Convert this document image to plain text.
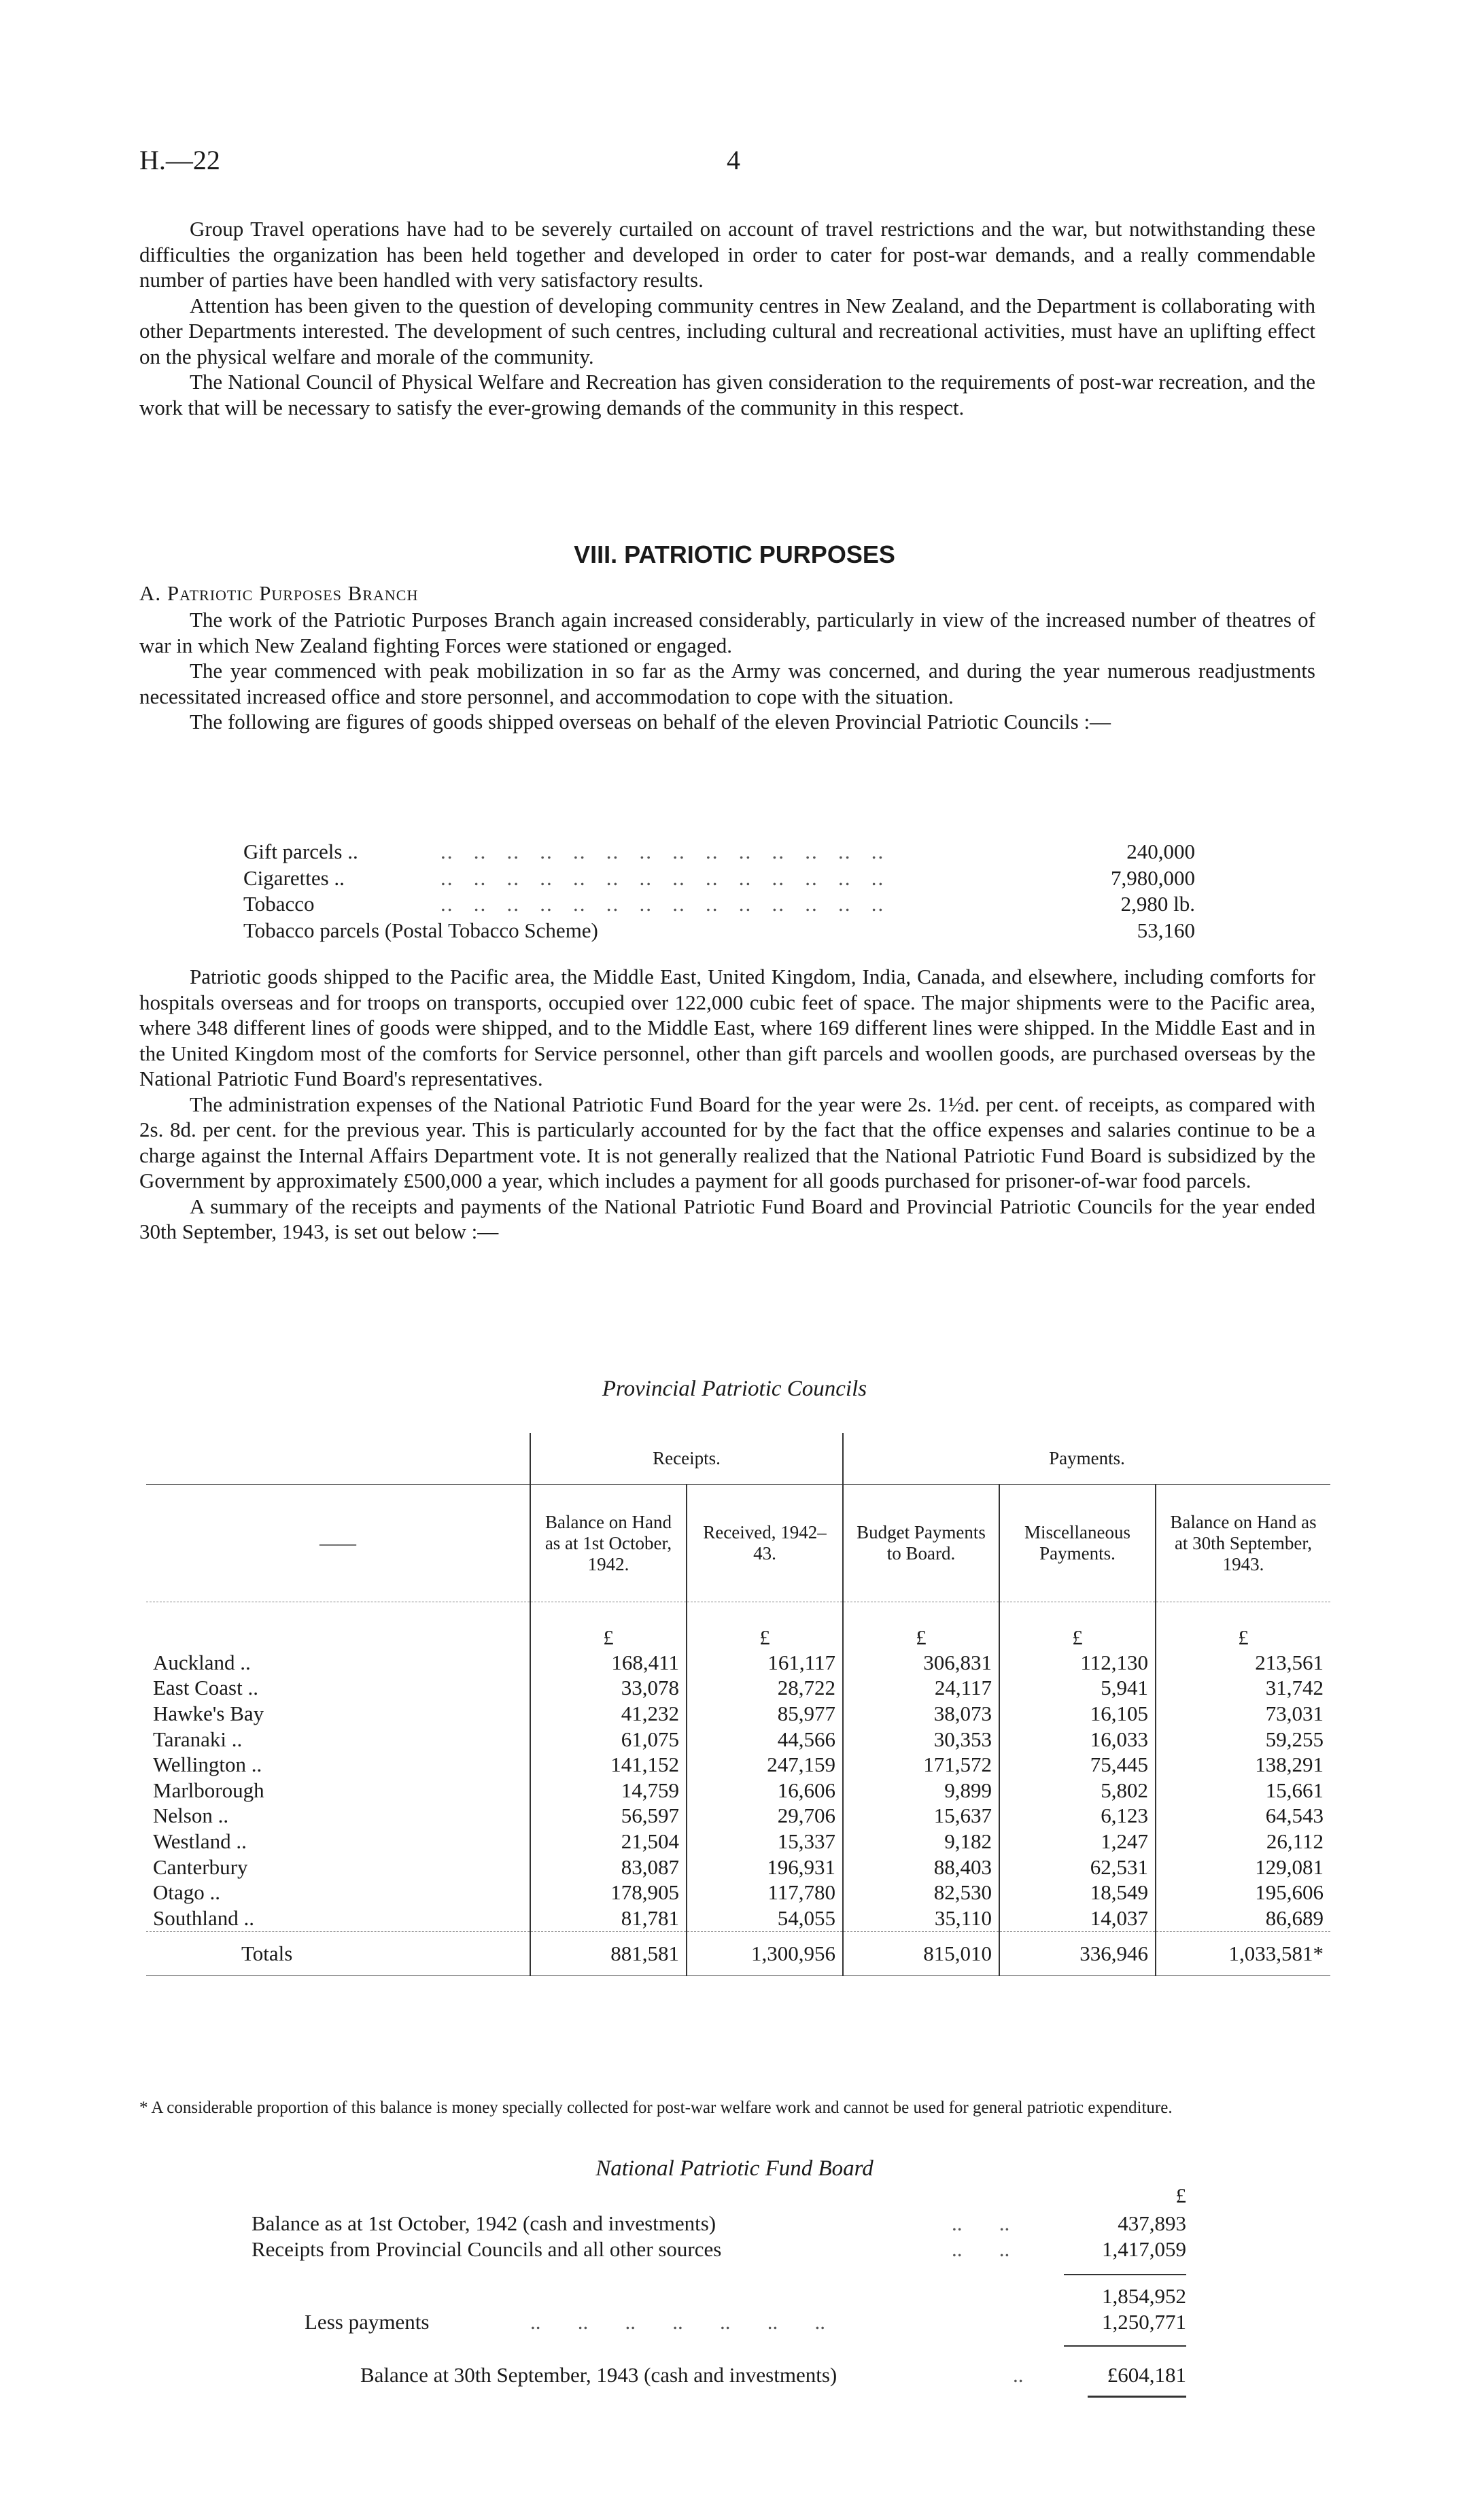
H.—22	4

Group Travel operations have had to be severely curtailed on account of travel restrictions and the war, but notwithstanding these difficulties the organization has been held together and developed in order to cater for post-war demands, and a really commendable number of parties have been handled with very satisfactory results.

Attention has been given to the question of developing community centres in New Zealand, and the Department is collaborating with other Departments interested. The development of such centres, including cultural and recreational activities, must have an uplifting effect on the physical welfare and morale of the community.

The National Council of Physical Welfare and Recreation has given consideration to the requirements of post-war recreation, and the work that will be necessary to satisfy the ever-growing demands of the community in this respect.

VIII. PATRIOTIC PURPOSES
A. Patriotic Purposes Branch

The work of the Patriotic Purposes Branch again increased considerably, particularly in view of the increased number of theatres of war in which New Zealand fighting Forces were stationed or engaged.

The year commenced with peak mobilization in so far as the Army was concerned, and during the year numerous readjustments necessitated increased office and store personnel, and accommodation to cope with the situation.

The following are figures of goods shipped overseas on behalf of the eleven Provincial Patriotic Councils :—

Gift parcels ..	..   ..   ..   ..   ..   ..   ..   ..   ..   ..   ..   ..   ..   ..	240,000
Cigarettes ..	..   ..   ..   ..   ..   ..   ..   ..   ..   ..   ..   ..   ..   ..	7,980,000
Tobacco	..   ..   ..   ..   ..   ..   ..   ..   ..   ..   ..   ..   ..   ..	2,980 lb.
Tobacco parcels (Postal Tobacco Scheme)	53,160

Patriotic goods shipped to the Pacific area, the Middle East, United Kingdom, India, Canada, and elsewhere, including comforts for hospitals overseas and for troops on transports, occupied over 122,000 cubic feet of space. The major shipments were to the Pacific area, where 348 different lines of goods were shipped, and to the Middle East, where 169 different lines were shipped. In the Middle East and in the United Kingdom most of the comforts for Service personnel, other than gift parcels and woollen goods, are purchased overseas by the National Patriotic Fund Board's representatives.

The administration expenses of the National Patriotic Fund Board for the year were 2s. 1½d. per cent. of receipts, as compared with 2s. 8d. per cent. for the previous year. This is particularly accounted for by the fact that the office expenses and salaries continue to be a charge against the Internal Affairs Department vote. It is not generally realized that the National Patriotic Fund Board is subsidized by the Government by approximately £500,000 a year, which includes a payment for all goods purchased for prisoner-of-war food parcels.

A summary of the receipts and payments of the National Patriotic Fund Board and Provincial Patriotic Councils for the year ended 30th September, 1943, is set out below :—

Provincial Patriotic Councils
	Receipts.		Payments.		
——	Balance on Hand as at 1st October, 1942.	Received, 1942–43.	Budget Payments to Board.	Miscellaneous Payments.	Balance on Hand as at 30th September, 1943.
	£	£	£	£	£
Auckland ..	168,411	161,117	306,831	112,130	213,561
East Coast ..	33,078	28,722	24,117	5,941	31,742
Hawke's Bay	41,232	85,977	38,073	16,105	73,031
Taranaki ..	61,075	44,566	30,353	16,033	59,255
Wellington ..	141,152	247,159	171,572	75,445	138,291
Marlborough	14,759	16,606	9,899	5,802	15,661
Nelson ..	56,597	29,706	15,637	6,123	64,543
Westland ..	21,504	15,337	9,182	1,247	26,112
Canterbury	83,087	196,931	88,403	62,531	129,081
Otago ..	178,905	117,780	82,530	18,549	195,606
Southland ..	81,781	54,055	35,110	14,037	86,689
Totals	881,581	1,300,956	815,010	336,946	1,033,581*
* A considerable proportion of this balance is money specially collected for post-war welfare work and cannot be used for general patriotic expenditure.
National Patriotic Fund Board
£
Balance as at 1st October, 1942 (cash and investments)	..       ..	437,893
Receipts from Provincial Councils and all other sources	..       ..	1,417,059
1,854,952
Less payments	..       ..       ..       ..       ..       ..       ..	1,250,771
Balance at 30th September, 1943 (cash and investments)	..	£604,181
